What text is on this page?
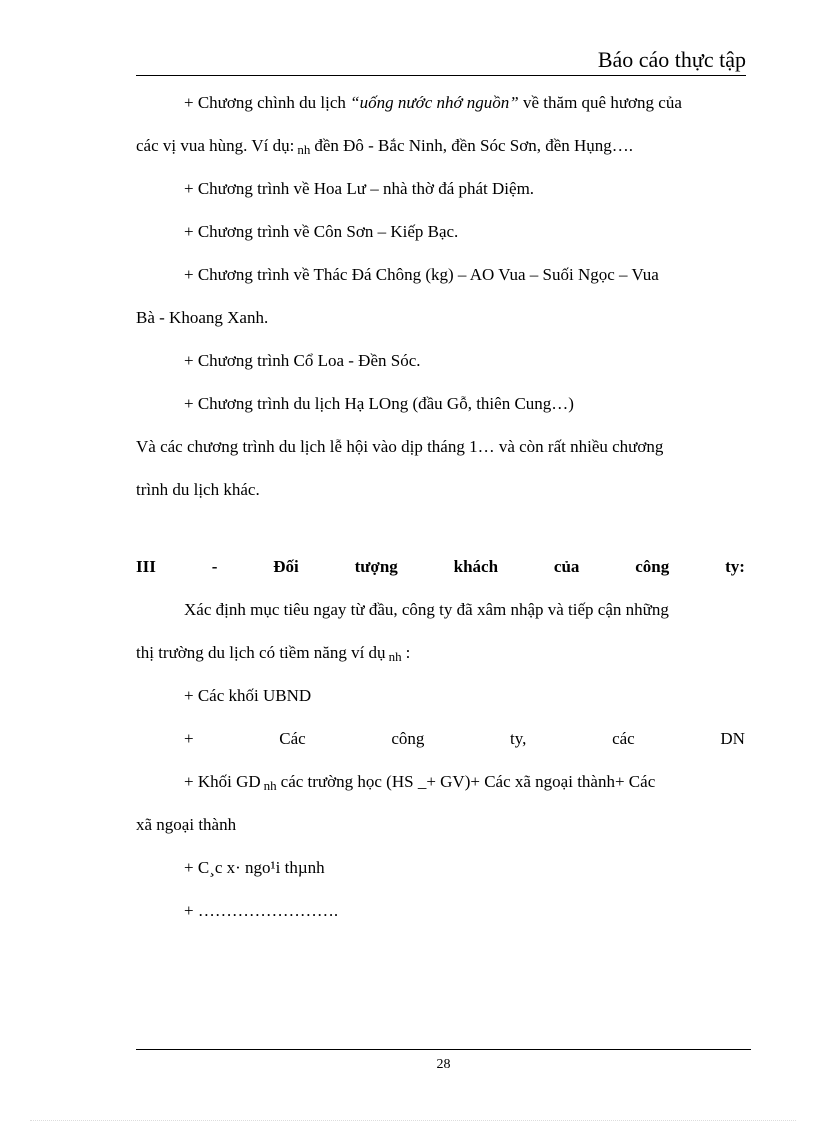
Báo cáo thực tập
+ Chương chình du lịch “uống nước nhớ nguồn” về thăm quê hương của
các vị vua hùng. Ví dụ: nh đền Đô - Bắc Ninh, đền Sóc Sơn, đền Hụng….
+ Chương trình về Hoa Lư – nhà thờ đá phát Diệm.
+ Chương trình về Côn Sơn – Kiếp Bạc.
+ Chương trình về Thác Đá Chông (kg) – AO Vua – Suối Ngọc – Vua
Bà - Khoang Xanh.
+ Chương trình Cổ Loa - Đền Sóc.
+ Chương trình du lịch Hạ LOng (đầu Gỗ, thiên Cung…)
Và các chương trình du lịch lễ hội vào dịp tháng 1… và còn rất nhiều chương
trình du lịch khác.
III	-	Đối	tượng	khách	của	công	ty:
Xác định mục tiêu ngay từ đầu, công ty đã xâm nhập và tiếp cận những
thị trường du lịch có tiềm năng ví dụ nh :
+ Các khối UBND
+	Các	công	ty,	các	DN
+ Khối GD nh các trường học (HS _+ GV)+ Các xã ngoại thành+ Các
xã ngoại thành
+ C¸c x· ngo¹i thµnh
+ …………………….
28
